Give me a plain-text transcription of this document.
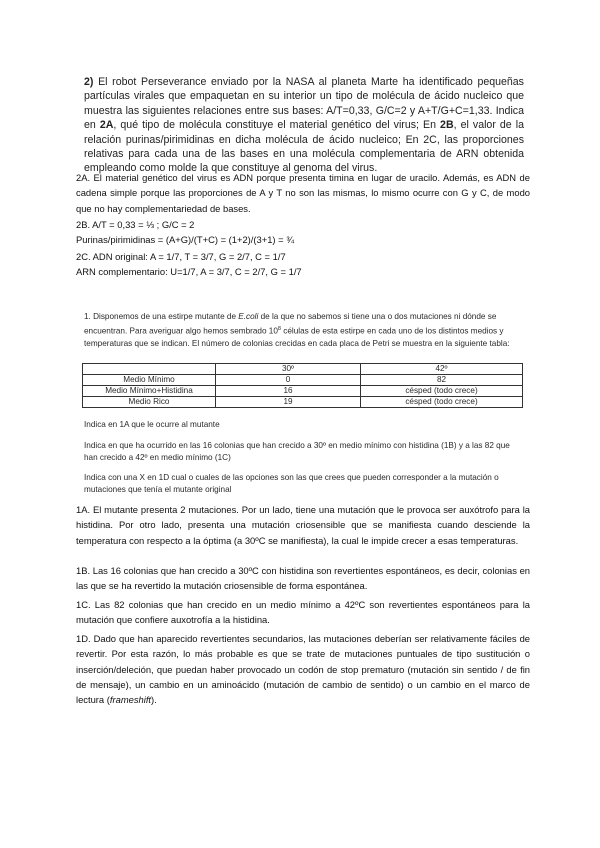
2) El robot Perseverance enviado por la NASA al planeta Marte ha identificado pequeñas partículas virales que empaquetan en su interior un tipo de molécula de ácido nucleico que muestra las siguientes relaciones entre sus bases: A/T=0,33, G/C=2 y A+T/G+C=1,33. Indica en 2A, qué tipo de molécula constituye el material genético del virus; En 2B, el valor de la relación purinas/pirimidinas en dicha molécula de ácido nucleico; En 2C, las proporciones relativas para cada una de las bases en una molécula complementaria de ARN obtenida empleando como molde la que constituye al genoma del virus.
2A. El material genético del virus es ADN porque presenta timina en lugar de uracilo. Además, es ADN de cadena simple porque las proporciones de A y T no son las mismas, lo mismo ocurre con G y C, de modo que no hay complementariedad de bases.
2B. A/T = 0,33 = ⅓ ; G/C = 2
Purinas/pirimidinas = (A+G)/(T+C) = (1+2)/(3+1) = ¾
2C. ADN original: A = 1/7, T = 3/7, G = 2/7, C = 1/7
ARN complementario: U=1/7, A = 3/7, C = 2/7, G = 1/7
1. Disponemos de una estirpe mutante de E.coli de la que no sabemos si tiene una o dos mutaciones ni dónde se encuentran. Para averiguar algo hemos sembrado $10^8$ células de esta estirpe en cada uno de los distintos medios y temperaturas que se indican. El número de colonias crecidas en cada placa de Petri se muestra en la siguiente tabla:
	30º	42º
Medio Mínimo	0	82
Medio Mínimo+Histidina	16	césped (todo crece)
Medio Rico	19	césped (todo crece)
Indica en 1A que le ocurre al mutante
Indica en que ha ocurrido en las 16 colonias que han crecido a 30º en medio mínimo con histidina (1B) y a las 82 que han crecido a 42º en medio mínimo (1C)
Indica con una X en 1D cual o cuales de las opciones son las que crees que pueden corresponder a la mutación o mutaciones que tenía el mutante original
1A. El mutante presenta 2 mutaciones. Por un lado, tiene una mutación que le provoca ser auxótrofo para la histidina. Por otro lado, presenta una mutación criosensible que se manifiesta cuando desciende la temperatura con respecto a la óptima (a 30ºC se manifiesta), la cual le impide crecer a esas temperaturas.
1B. Las 16 colonias que han crecido a 30ºC con histidina son revertientes espontáneos, es decir, colonias en las que se ha revertido la mutación criosensible de forma espontánea.
1C. Las 82 colonias que han crecido en un medio mínimo a 42ºC son revertientes espontáneos para la mutación que confiere auxotrofía a la histidina.
1D. Dado que han aparecido revertientes secundarios, las mutaciones deberían ser relativamente fáciles de revertir. Por esta razón, lo más probable es que se trate de mutaciones puntuales de tipo sustitución o inserción/deleción, que puedan haber provocado un codón de stop prematuro (mutación sin sentido / de fin de mensaje), un cambio en un aminoácido (mutación de cambio de sentido) o un cambio en el marco de lectura (frameshift).
